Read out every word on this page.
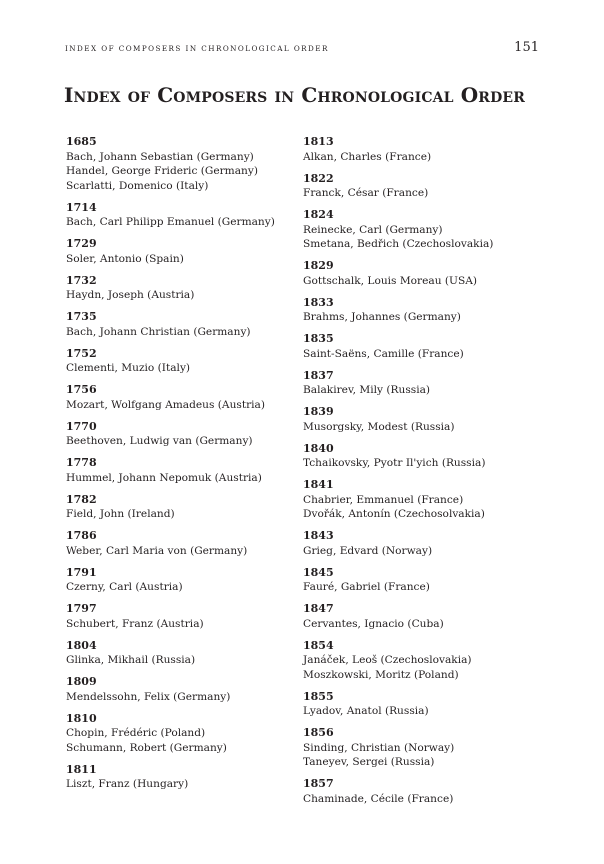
INDEX OF COMPOSERS IN CHRONOLOGICAL ORDER	151
Index of Composers in Chronological Order
1685
Bach, Johann Sebastian (Germany)
Handel, George Frideric (Germany)
Scarlatti, Domenico (Italy)
1714
Bach, Carl Philipp Emanuel (Germany)
1729
Soler, Antonio (Spain)
1732
Haydn, Joseph (Austria)
1735
Bach, Johann Christian (Germany)
1752
Clementi, Muzio (Italy)
1756
Mozart, Wolfgang Amadeus (Austria)
1770
Beethoven, Ludwig van (Germany)
1778
Hummel, Johann Nepomuk (Austria)
1782
Field, John (Ireland)
1786
Weber, Carl Maria von (Germany)
1791
Czerny, Carl (Austria)
1797
Schubert, Franz (Austria)
1804
Glinka, Mikhail (Russia)
1809
Mendelssohn, Felix (Germany)
1810
Chopin, Frédéric (Poland)
Schumann, Robert (Germany)
1811
Liszt, Franz (Hungary)
1813
Alkan, Charles (France)
1822
Franck, César (France)
1824
Reinecke, Carl (Germany)
Smetana, Bedřich (Czechoslovakia)
1829
Gottschalk, Louis Moreau (USA)
1833
Brahms, Johannes (Germany)
1835
Saint-Saëns, Camille (France)
1837
Balakirev, Mily (Russia)
1839
Musorgsky, Modest (Russia)
1840
Tchaikovsky, Pyotr Il'yich (Russia)
1841
Chabrier, Emmanuel (France)
Dvořák, Antonín (Czechosolvakia)
1843
Grieg, Edvard (Norway)
1845
Fauré, Gabriel (France)
1847
Cervantes, Ignacio (Cuba)
1854
Janáček, Leoš (Czechoslovakia)
Moszkowski, Moritz (Poland)
1855
Lyadov, Anatol (Russia)
1856
Sinding, Christian (Norway)
Taneyev, Sergei (Russia)
1857
Chaminade, Cécile (France)
